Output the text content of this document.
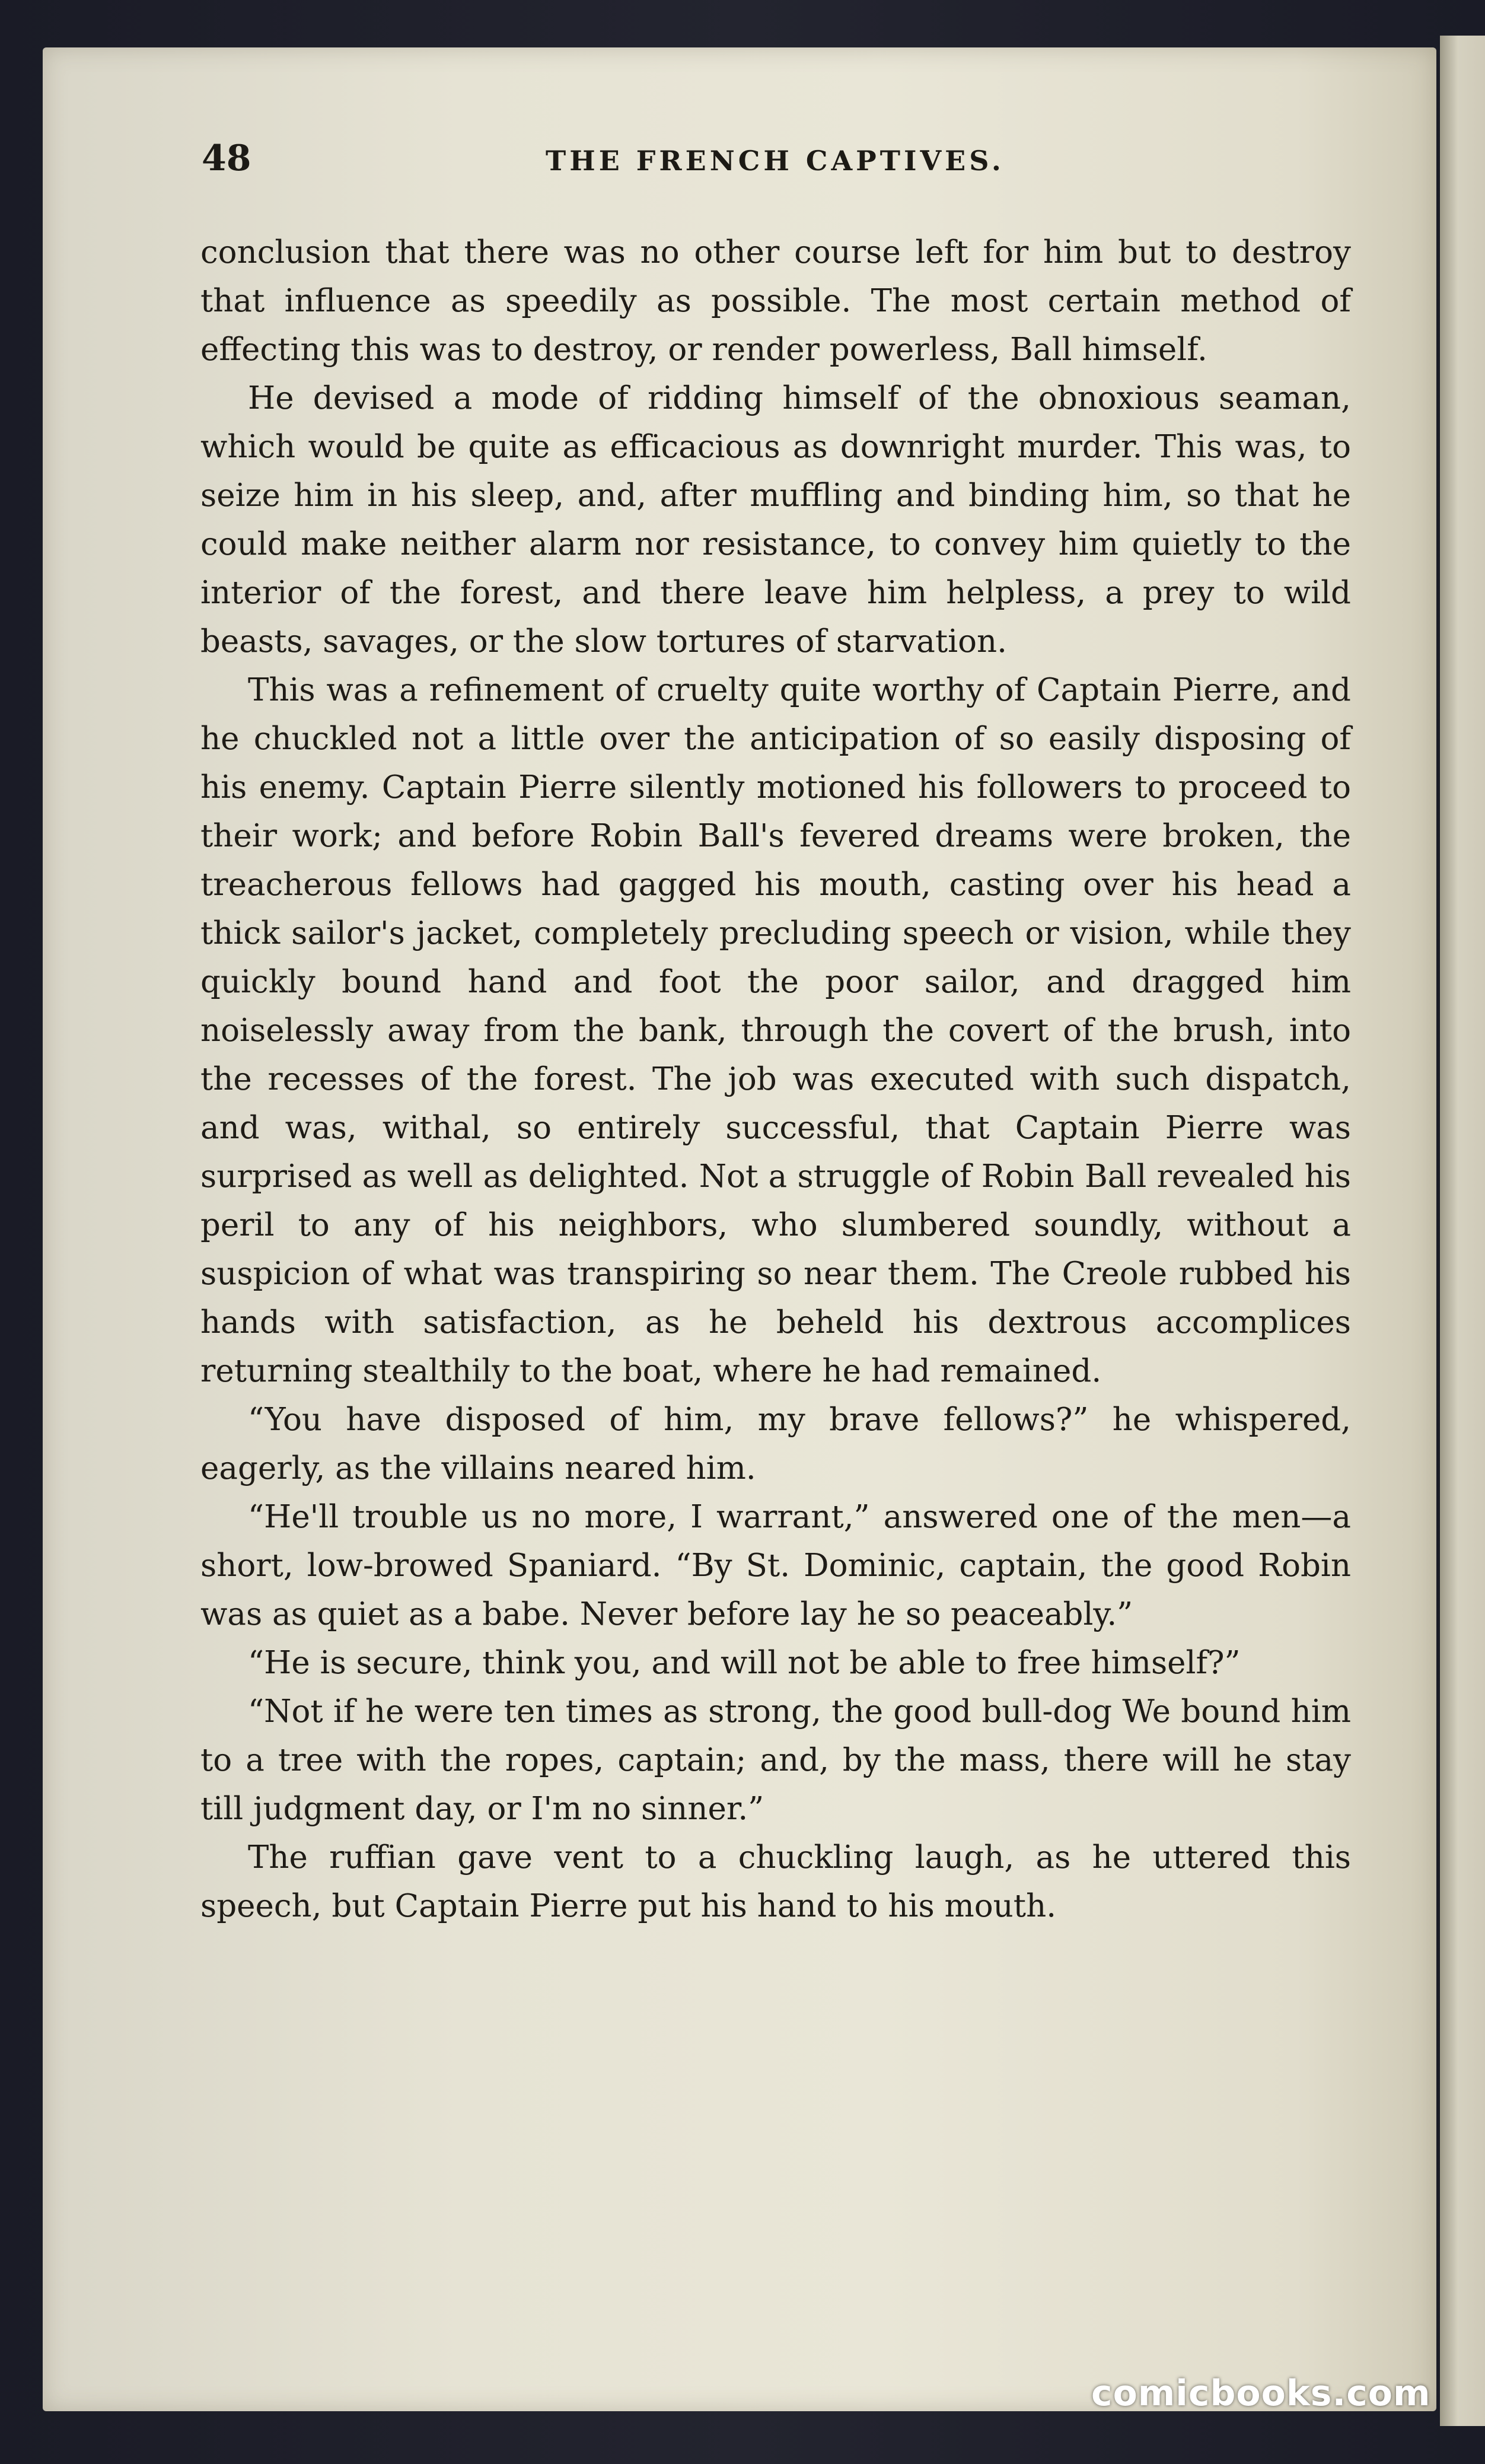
48	THE FRENCH CAPTIVES.

conclusion that there was no other course left for him but to destroy that influence as speedily as possible. The most certain method of effecting this was to destroy, or render powerless, Ball himself.

He devised a mode of ridding himself of the obnoxious seaman, which would be quite as efficacious as downright murder. This was, to seize him in his sleep, and, after muffling and binding him, so that he could make neither alarm nor resistance, to convey him quietly to the interior of the forest, and there leave him helpless, a prey to wild beasts, savages, or the slow tortures of starvation.

This was a refinement of cruelty quite worthy of Captain Pierre, and he chuckled not a little over the anticipation of so easily disposing of his enemy. Captain Pierre silently motioned his followers to proceed to their work; and before Robin Ball's fevered dreams were broken, the treacherous fellows had gagged his mouth, casting over his head a thick sailor's jacket, completely precluding speech or vision, while they quickly bound hand and foot the poor sailor, and dragged him noiselessly away from the bank, through the covert of the brush, into the recesses of the forest. The job was executed with such dispatch, and was, withal, so entirely successful, that Captain Pierre was surprised as well as delighted. Not a struggle of Robin Ball revealed his peril to any of his neighbors, who slumbered soundly, without a suspicion of what was transpiring so near them. The Creole rubbed his hands with satisfaction, as he beheld his dextrous accomplices returning stealthily to the boat, where he had remained.

“You have disposed of him, my brave fellows?” he whispered, eagerly, as the villains neared him.

“He'll trouble us no more, I warrant,” answered one of the men—a short, low-browed Spaniard. “By St. Dominic, captain, the good Robin was as quiet as a babe. Never before lay he so peaceably.”

“He is secure, think you, and will not be able to free himself?”

“Not if he were ten times as strong, the good bull-dog We bound him to a tree with the ropes, captain; and, by the mass, there will he stay till judgment day, or I'm no sinner.”

The ruffian gave vent to a chuckling laugh, as he uttered this speech, but Captain Pierre put his hand to his mouth.

comicbooks.com
